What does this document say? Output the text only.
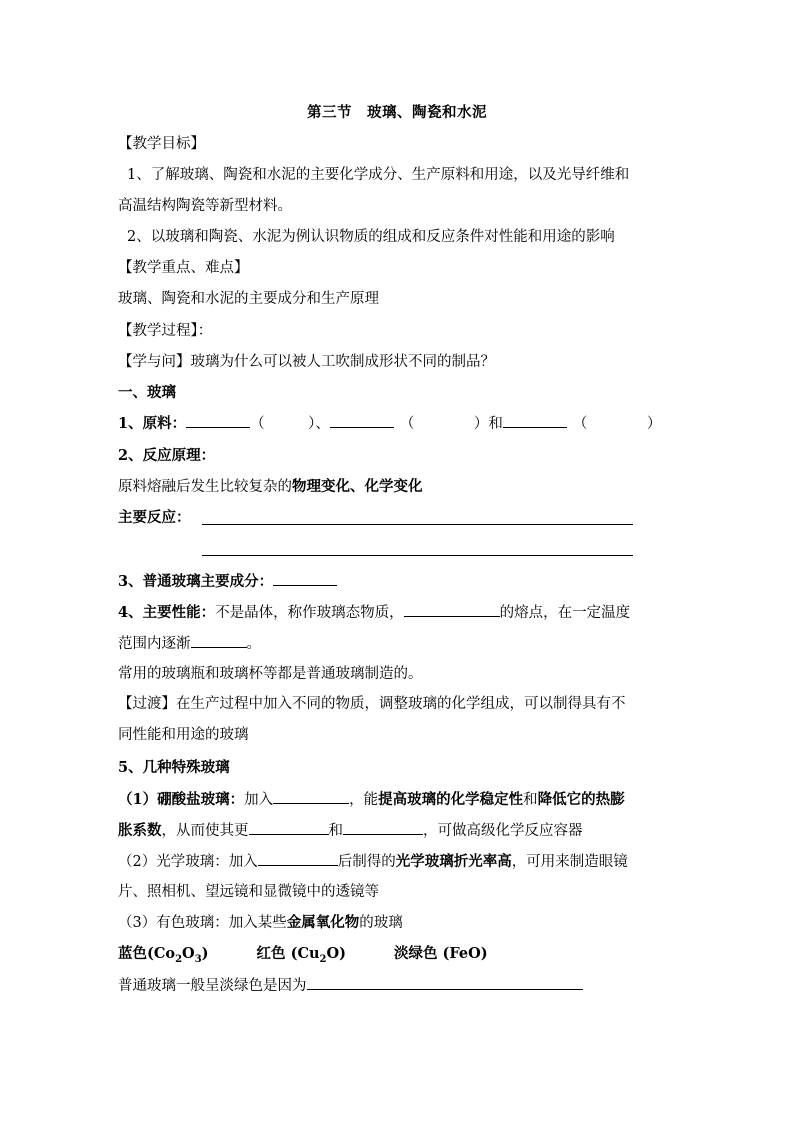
第三节　玻璃、陶瓷和水泥
【教学目标】
1、了解玻璃、陶瓷和水泥的主要化学成分、生产原料和用途，以及光导纤维和
高温结构陶瓷等新型材料。
2、以玻璃和陶瓷、水泥为例认识物质的组成和反应条件对性能和用途的影响
【教学重点、难点】
玻璃、陶瓷和水泥的主要成分和生产原理
【教学过程】：
【学与问】玻璃为什么可以被人工吹制成形状不同的制品？
一、玻璃
1、原料：	（	）、	（	）和	（	）
2、反应原理：
原料熔融后发生比较复杂的物理变化、化学变化
主要反应：
3、普通玻璃主要成分：
4、主要性能：不是晶体，称作玻璃态物质，	的熔点，在一定温度
范围内逐渐	。
常用的玻璃瓶和玻璃杯等都是普通玻璃制造的。
【过渡】在生产过程中加入不同的物质，调整玻璃的化学组成，可以制得具有不
同性能和用途的玻璃
5、几种特殊玻璃
（1）硼酸盐玻璃：加入	，能提高玻璃的化学稳定性和降低它的热膨
胀系数，从而使其更	和	，可做高级化学反应容器
（2）光学玻璃：加入	后制得的光学玻璃折光率高，可用来制造眼镜
片、照相机、望远镜和显微镜中的透镜等
（3）有色玻璃：加入某些金属氧化物的玻璃
蓝色$(Co_2O_3)$	红色 $(Cu_2O)$	淡绿色 (FeO)
普通玻璃一般呈淡绿色是因为
